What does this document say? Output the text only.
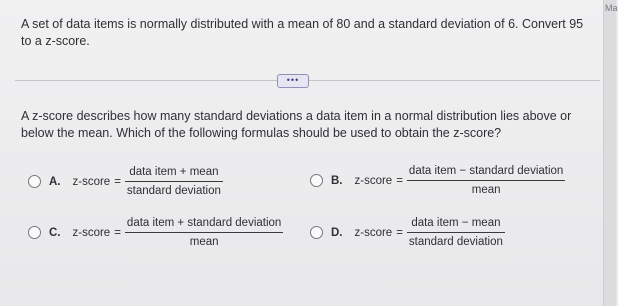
A set of data items is normally distributed with a mean of 80 and a standard deviation of 6. Convert 95 to a z-score.
•••
A z-score describes how many standard deviations a data item in a normal distribution lies above or below the mean. Which of the following formulas should be used to obtain the z-score?
A. z-score = $\frac{\text{data item + mean}}{\text{standard deviation}}$	B. z-score = $\frac{\text{data item − standard deviation}}{\text{mean}}$
C. z-score = $\frac{\text{data item + standard deviation}}{\text{mean}}$	D. z-score = $\frac{\text{data item − mean}}{\text{standard deviation}}$
Ma
